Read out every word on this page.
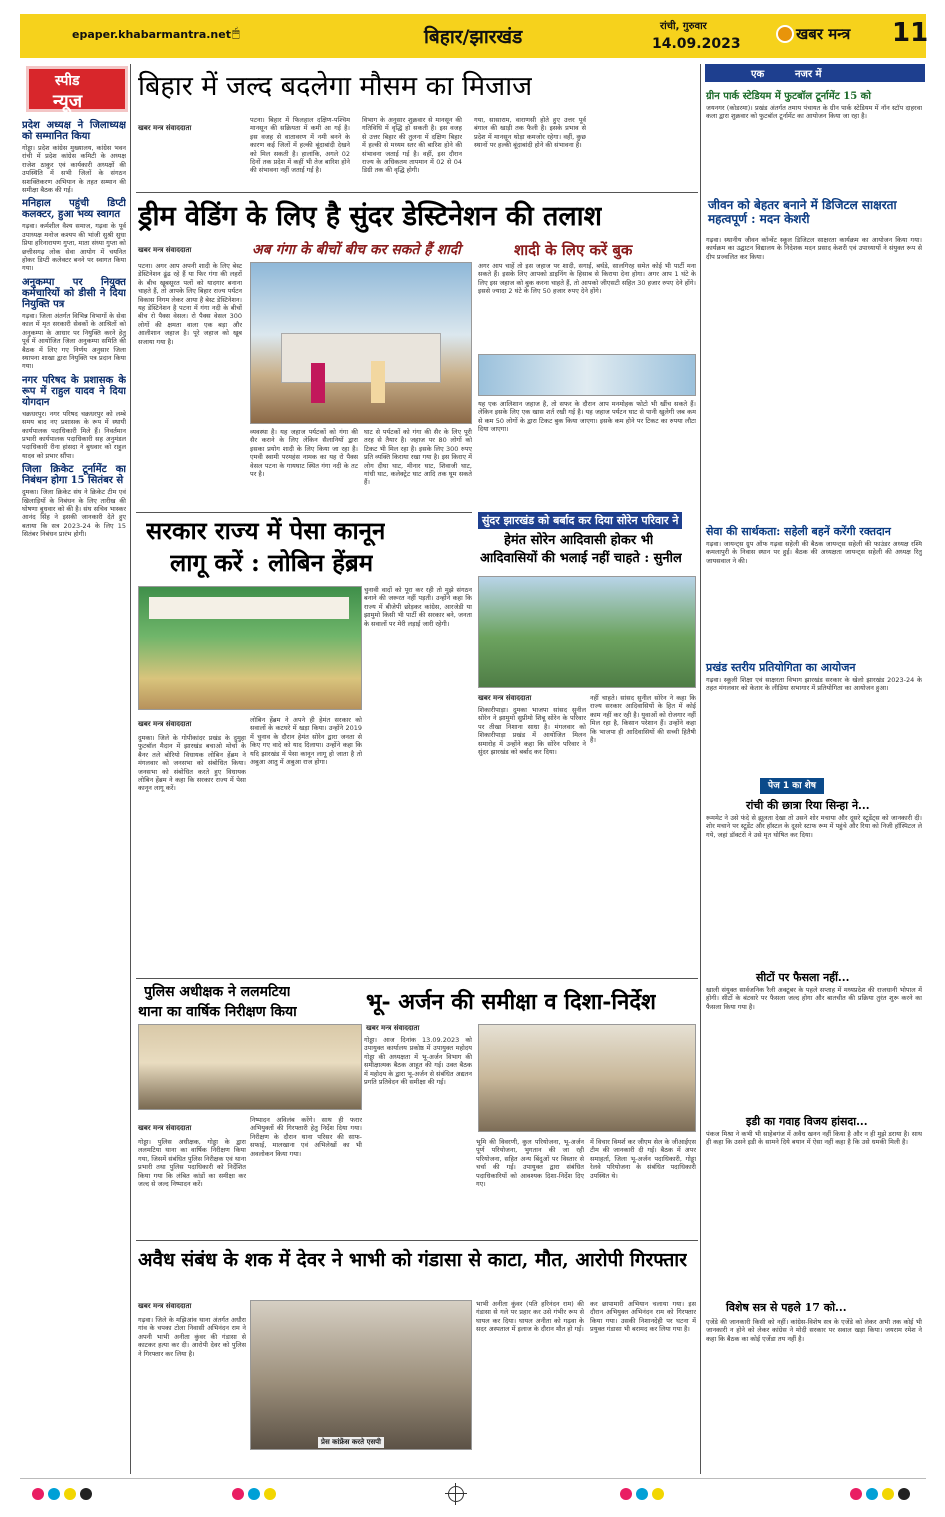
epaper.khabarmantra.net 🖱	बिहार/झारखंड	रांची, गुरुवार
14.09.2023
खबर मन्त्र 11
स्पीड
न्यूज
प्रदेश अध्यक्ष ने जिलाध्यक्ष को सम्मानित किया
गोड्डा। प्रदेश कांग्रेस मुख्यालय, कांग्रेस भवन रांची में प्रदेश कांग्रेस कमिटी के अध्यक्ष राजेश ठाकुर एवं कार्यकारी अध्यक्षों की उपस्थिति में सभी जिलों के संगठन सशक्तिकरण अभियान के तहत सम्मान की समीक्षा बैठक की गई।
मनिहाल पहुंची डिप्टी कलक्टर, हुआ भव्य स्वागत
गढ़वा। कर्मशील वैश्य समाज, गढ़वा के पूर्व उपाध्यक्ष मनोज कश्यप की भांजी सुश्री सुधा प्रिया हरिनारायण गुप्ता, माता संध्या गुप्ता को छत्तीसगढ़ लोक सेवा आयोग में चयनित होकर डिप्टी कलेक्टर बनने पर स्वागत किया गया।
अनुकम्पा पर नियुक्त कर्मचारियों को डीसी ने दिया नियुक्ति पत्र
गढ़वा। जिला अंतर्गत विभिन्न विभागों के सेवा काल में मृत सरकारी सेवकों के आश्रितों को अनुकम्पा के आधार पर नियुक्ति करने हेतु पूर्व में आयोजित जिला अनुकम्पा समिति की बैठक में लिए गए निर्णय अनुसार जिला स्थापना शाखा द्वारा नियुक्ति पत्र प्रदान किया गया।
नगर परिषद के प्रशासक के रूप में राहुल यादव ने दिया योगदान
चक्रधरपुर। नगर परिषद चक्रधरपुर को लम्बे समय बाद नए प्रशासक के रूप में स्थायी कार्यपालक पदाधिकारी मिले हैं। निवर्तमान प्रभारी कार्यपालक पदाधिकारी सह अनुमंडल पदाधिकारी रीना हांसदा ने बुधवार को राहुल यादव को प्रभार सौंपा।
जिला क्रिकेट टूर्नामेंट का निबंधन होगा 15 सितंबर से
दुमका। जिला क्रिकेट संघ ने क्रिकेट टीम एवं खिलाड़ियों के निबंधन के लिए तारीख की घोषणा बुधवार को की है। संघ सचिव भास्कर आनंद सिंह ने इसकी जानकारी देते हुए बताया कि सत्र 2023-24 के लिए 15 सितंबर निबंधन प्रारंभ होगी।
बिहार में जल्द बदलेगा मौसम का मिजाज
खबर मन्त्र संवाददाता
पटना। बिहार में फिलहाल दक्षिण-पश्चिम मानसून की सक्रियता में कमी आ गई है। इस वजह से वातावरण में नमी बनने के कारण कई जिलों में हल्की बूंदाबांदी देखने को मिल सकती है। हालांकि, अगले 02 दिनों तक प्रदेश में कहीं भी तेज बारिश होने की संभावना नहीं जताई गई है।
विभाग के अनुसार शुक्रवार से मानसून की गतिविधि में वृद्धि हो सकती है। इस वजह से उत्तर बिहार की तुलना में दक्षिण बिहार में हल्की से मध्यम स्तर की बारिश होने की संभावना जताई गई है। वहीं, इस दौरान राज्य के अधिकतम तापमान में 02 से 04 डिग्री तक की वृद्धि होगी।
गया, सासाराम, वाराणसी होते हुए उत्तर पूर्व बंगाल की खाड़ी तक फैली है। इसके प्रभाव से प्रदेश में मानसून थोड़ा कमजोर रहेगा। वहीं, कुछ स्थानों पर हल्की बूंदाबांदी होने की संभावना है।
ड्रीम वेडिंग के लिए है सुंदर डेस्टिनेशन की तलाश
अब गंगा के बीचों बीच कर सकते हैं शादी	शादी के लिए करें बुक
खबर मन्त्र संवाददाता
पटना। अगर आप अपनी शादी के लिए बेस्ट डेस्टिनेशन ढूंढ रहे हैं या फिर गंगा की लहरों के बीच खूबसूरत पलों को यादगार बनाना चाहते हैं, तो आपके लिए बिहार राज्य पर्यटन विकास निगम लेकर आया है बेस्ट डेस्टिनेशन। यह डेस्टिनेशन है पटना में गंगा नदी के बीचों बीच रो पैक्स वेसल। रो पैक्स वेसल 300 लोगों की क्षमता वाला एक बड़ा और आलीशान जहाज है। पूरे जहाज को खूब सजाया गया है।
व्यवस्था है। यह जहाज पर्यटकों को गंगा की सैर कराने के लिए लेकिन सैलानियों द्वारा इसका प्रयोग शादी के लिए किया जा रहा है। एमवी स्वामी परमहंस नामक का यह रो पैक्स वेसल पटना के गायघाट स्थित गंगा नदी के तट पर है।
घाट से पर्यटकों को गंगा की सैर के लिए पूरी तरह से तैयार है। जहाज पर 80 लोगों को टिकट भी मिल रहा है। इसके लिए 300 रुपए प्रति व्यक्ति किराया रखा गया है। इस किराए में लोग दीघा घाट, मीनार घाट, शिवाजी घाट, गांधी घाट, कलेक्ट्रेट घाट आदि तक घूम सकते हैं।
अगर आप चाहें तो इस जहाज पर शादी, सगाई, बर्थडे, सालगिरह समेत कोई भी पार्टी मना सकते हैं। इसके लिए आपको डाइनिंग के हिसाब से किराया देना होगा। अगर आप 1 घंटे के लिए इस जहाज को बुक करना चाहते हैं, तो आपको जीएसटी सहित 30 हजार रुपए देने होंगे। इससे ज्यादा 2 घंटे के लिए 50 हजार रुपए देने होंगे।
यह एक आलिशान जहाज है, तो सफर के दौरान आप मनमोहक फोटो भी खींच सकते हैं। लेकिन इसके लिए एक खास शर्त रखी गई है। यह जहाज पर्यटन घाट से पानी खुलेगी जब कम से कम 50 लोगों के द्वारा टिकट बुक किया जाएगा। इसके कम होने पर टिकट का रुपया लौटा दिया जाएगा।
सरकार राज्य में पेसा कानून
लागू करें : लोबिन हेंब्रम
खबर मन्त्र संवाददाता
दुमका। जिले के गोपीकांदर प्रखंड के दुमुहा फुटबॉल मैदान में झारखंड बचाओ मोर्चा के बैनर तले बोरियो विधायक लोबिन हेंब्रम ने मंगलवार को जनसभा को संबोधित किया। जनसभा को संबोधित करते हुए विधायक लोबिन हेंब्रम ने कहा कि सरकार राज्य में पेसा कानून लागू करें।
लोबिन हेंब्रम ने अपने ही हेमंत सरकार को सवालों के कटघरे में खड़ा किया। उन्होंने 2019 में चुनाव के दौरान हेमंत सोरेन द्वारा जनता से किए गए वादे को याद दिलाया। उन्होंने कहा कि यदि झारखंड में पेसा कानून लागू हो जाता है तो अबुआ आतु में अबुआ राज होगा।
चुनावी वादों को पूरा कर रही तो मुझे संगठन बनाने की जरूरत नहीं पड़ती। उन्होंने कहा कि राज्य में बीजेपी छोड़कर कांग्रेस, आरजेडी या झामुमो किसी भी पार्टी की सरकार बने, जनता के सवालों पर मेरी लड़ाई जारी रहेगी।
सुंदर झारखंड को बर्बाद कर दिया सोरेन परिवार ने
हेमंत सोरेन आदिवासी होकर भी
आदिवासियों की भलाई नहीं चाहते : सुनील
खबर मन्त्र संवाददाता
शिकारीपाड़ा। दुमका भाजपा सांसद सुनील सोरेन ने झामुमो सुप्रीमो शिबू सोरेन के परिवार पर तीखा निशाना साधा है। मंगलवार को शिकारीपाड़ा प्रखंड में आयोजित मिलन समारोह में उन्होंने कहा कि सोरेन परिवार ने सुंदर झारखंड को बर्बाद कर दिया।
नहीं चाहते। सांसद सुनील सोरेन ने कहा कि राज्य सरकार आदिवासियों के हित में कोई काम नहीं कर रही है। युवाओं को रोजगार नहीं मिल रहा है, किसान परेशान हैं। उन्होंने कहा कि भाजपा ही आदिवासियों की सच्ची हितैषी है।
पुलिस अधीक्षक ने ललमटिया
थाना का वार्षिक निरीक्षण किया
खबर मन्त्र संवाददाता
गोड्डा। पुलिस अधीक्षक, गोड्डा के द्वारा ललमटिया थाना का वार्षिक निरीक्षण किया गया, जिसमें संबंधित पुलिस निरीक्षक एवं थाना प्रभारी तथा पुलिस पदाधिकारी को निर्देशित किया गया कि लंबित कांडों का समीक्षा कर जल्द से जल्द निष्पादन करें।
निष्पादन अविलंब करेंगे। साथ ही फरार अभियुक्तों की गिरफ्तारी हेतु निर्देश दिया गया। निरीक्षण के दौरान थाना परिसर की साफ-सफाई, मालखाना एवं अभिलेखों का भी अवलोकन किया गया।
भू- अर्जन की समीक्षा व दिशा-निर्देश
खबर मन्त्र संवाददाता
गोड्डा। आज दिनांक 13.09.2023 को उपायुक्त कार्यालय प्रकोष्ठ में उपायुक्त महोदय गोड्डा की अध्यक्षता में भू-अर्जन विभाग की समीक्षात्मक बैठक आहूत की गई। उक्त बैठक में महोदय के द्वारा भू-अर्जन से संबंधित अद्यतन प्रगति प्रतिवेदन की समीक्षा की गई।
भूमि की विवरणी, कुल परियोजना, भू-अर्जन पूर्ण परियोजना, भुगतान की जा रही परियोजना, सहित अन्य बिंदुओं पर विस्तार से चर्चा की गई। उपायुक्त द्वारा संबंधित पदाधिकारियों को आवश्यक दिशा-निर्देश दिए गए।
में विचार विमर्श कर जीएम सेल के जीआईएस टीम की जानकारी दी गई। बैठक में अपर समाहर्ता, जिला भू-अर्जन पदाधिकारी, गोड्डा रेलवे परियोजना के संबंधित पदाधिकारी उपस्थित थे।
अवैध संबंध के शक में देवर ने भाभी को गंडासा से काटा, मौत, आरोपी गिरफ्तार
खबर मन्त्र संवाददाता
गढ़वा। जिले के मझिआंव थाना अंतर्गत अधौरा गांव के चपका टोला निवासी अभिनंदन राम ने अपनी भाभी अनीता कुंवर की गंडासा से काटकर हत्या कर दी। आरोपी देवर को पुलिस ने गिरफ्तार कर लिया है।
प्रेस कांफ्रेंस करते एसपी
भाभी अनीता कुंवर (पति हरिनंदन राम) की गंडासा से गले पर प्रहार कर उसे गंभीर रूप से घायल कर दिया। घायल अनीता को गढ़वा के सदर अस्पताल में इलाज के दौरान मौत हो गई।
कर छापामारी अभियान चलाया गया। इस दौरान अभियुक्त अभिनंदन राम को गिरफ्तार किया गया। उसकी निशानदेही पर घटना में प्रयुक्त गंडासा भी बरामद कर लिया गया है।
एक	नजर में
ग्रीन पार्क स्टेडियम में फुटबॉल टूर्नामेंट 15 को
जयनगर (कोडरमा)। प्रखंड अंतर्गत तमाय पंचायत के ग्रीन पार्क स्टेडियम में नॉन स्टॉप दाहरवा कला द्वारा शुक्रवार को फुटबॉल टूर्नामेंट का आयोजन किया जा रहा है।
जीवन को बेहतर बनाने में डिजिटल साक्षरता महत्वपूर्ण : मदन केशरी
गढ़वा। स्थानीय जीवन कॉन्वेंट स्कूल डिजिटल साक्षरता कार्यक्रम का आयोजन किया गया। कार्यक्रम का उद्घाटन विद्यालय के निदेशक मदन प्रसाद केशरी एवं उपाध्यायों ने संयुक्त रूप से दीप प्रज्वलित कर किया।
सेवा की सार्थकता: सहेली बहनें करेंगी रक्तदान
गढ़वा। जायन्ट्स ग्रुप ऑफ गढ़वा सहेली की बैठक जायन्ट्स सहेली की फाउंडर अध्यक्ष रश्मि कमलापुरी के निवास स्थान पर हुई। बैठक की अध्यक्षता जायन्ट्स सहेली की अध्यक्ष रितु जायसवाल ने की।
प्रखंड स्तरीय प्रतियोगिता का आयोजन
गढ़वा। स्कूली शिक्षा एवं साक्षरता विभाग झारखंड सरकार के खेलो झारखंड 2023-24 के तहत मंगलवार को केतार के लीडिया सभागार में प्रतियोगिता का आयोजन हुआ।
पेज 1 का शेष
रांची की छात्रा रिया सिन्हा ने...
रूममेट ने उसे फंदे से झूलता देखा तो उसने शोर मचाया और दूसरे स्टूडेंट्स को जानकारी दी। शोर मचाने पर स्टूडेंट और हॉस्टल के दूसरे स्टाफ रूम में पहुंचे और रिया को निजी हॉस्पिटल ले गये, जहां डॉक्टरों ने उसे मृत घोषित कर दिया।
सीटों पर फैसला नहीं...
खाली संयुक्त सार्वजनिक रैली अक्टूबर के पहले सप्ताह में मध्यप्रदेश की राजधानी भोपाल में होगी। सीटों के बंटवारे पर फैसला जल्द होगा और बातचीत की प्रक्रिया तुरंत शुरू करने का फैसला किया गया है।
इडी का गवाह विजय हांसदा...
पंकज मिश्रा ने कभी भी साहेबगंज में अवैध खनन नहीं किया है और न ही मुझे डराया है। साथ ही कहा कि उसने इडी के सामने दिये बयान में ऐसा नहीं कहा है कि उसे धमकी मिली है।
विशेष सत्र से पहले 17 को...
एजेंडे की जानकारी किसी को नहीं। कांग्रेस-विशेष सत्र के एजेंडे को लेकर अभी तक कोई भी जानकारी न होने को लेकर कांग्रेस ने मोदी सरकार पर सवाल खड़ा किया। जयराम रमेश ने कहा कि बैठक का कोई एजेंडा तय नहीं है।
